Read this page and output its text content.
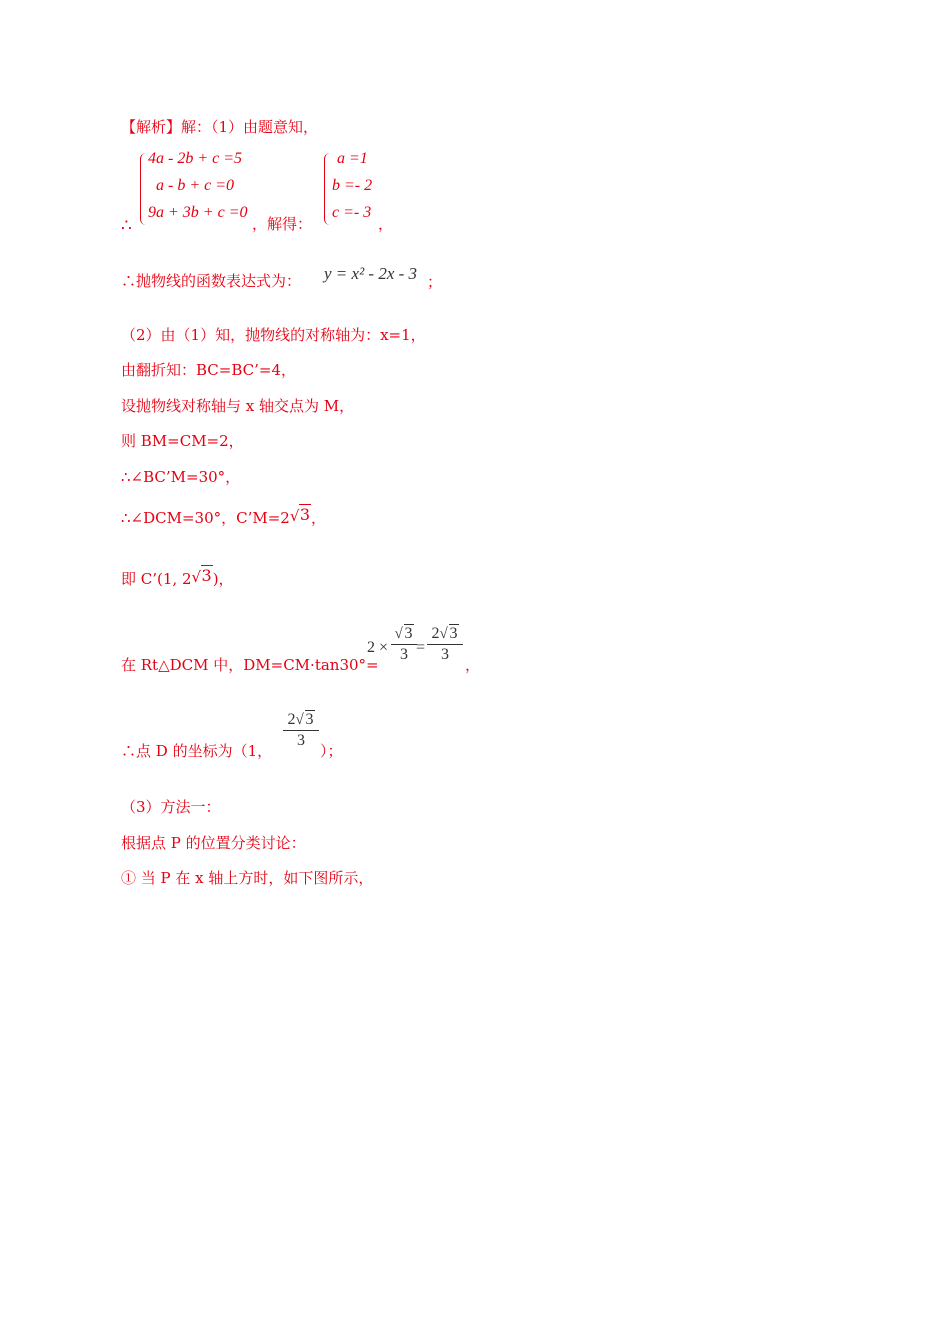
【解析】解：（1）由题意知，
∴
4a - 2b + c =5
a - b + c =0
9a + 3b + c =0
，解得：
a =1
b =- 2
c =- 3
，
∴抛物线的函数表达式为： y = x² - 2x - 3 ；
（2）由（1）知，抛物线的对称轴为：x=1，
由翻折知：BC=BC’=4，
设抛物线对称轴与 x 轴交点为 M，
则 BM=CM=2，
∴∠BC’M=30°，
∴∠DCM=30°，C’M=2 √ 3，
即 C’(1, 2 √ 3)，
在 Rt△DCM 中，DM=CM·tan30°=
$2 \times \frac{√ 3}{3} = \frac{2 √ 3}{3}$
，
∴点 D 的坐标为（1，
$\frac{2 √ 3}{3}$
）；
（3）方法一：
根据点 P 的位置分类讨论：
① 当 P 在 x 轴上方时，如下图所示，
